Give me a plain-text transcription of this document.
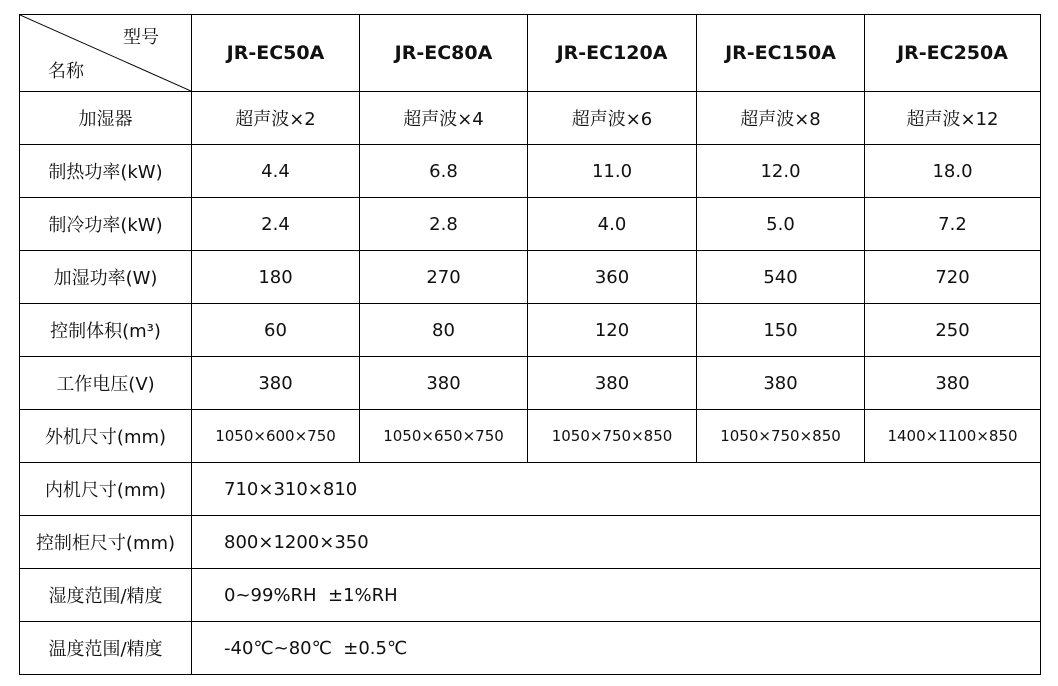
型号
名称	JR-EC50A	JR-EC80A	JR-EC120A	JR-EC150A	JR-EC250A
加湿器	超声波×2	超声波×4	超声波×6	超声波×8	超声波×12
制热功率(kW)	4.4	6.8	11.0	12.0	18.0
制冷功率(kW)	2.4	2.8	4.0	5.0	7.2
加湿功率(W)	180	270	360	540	720
控制体积(m³)	60	80	120	150	250
工作电压(V)	380	380	380	380	380
外机尺寸(mm)	1050×600×750	1050×650×750	1050×750×850	1050×750×850	1400×1100×850
内机尺寸(mm)	710×310×810				
控制柜尺寸(mm)	800×1200×350				
湿度范围/精度	0~99%RH  ±1%RH				
温度范围/精度	-40℃~80℃  ±0.5℃				
